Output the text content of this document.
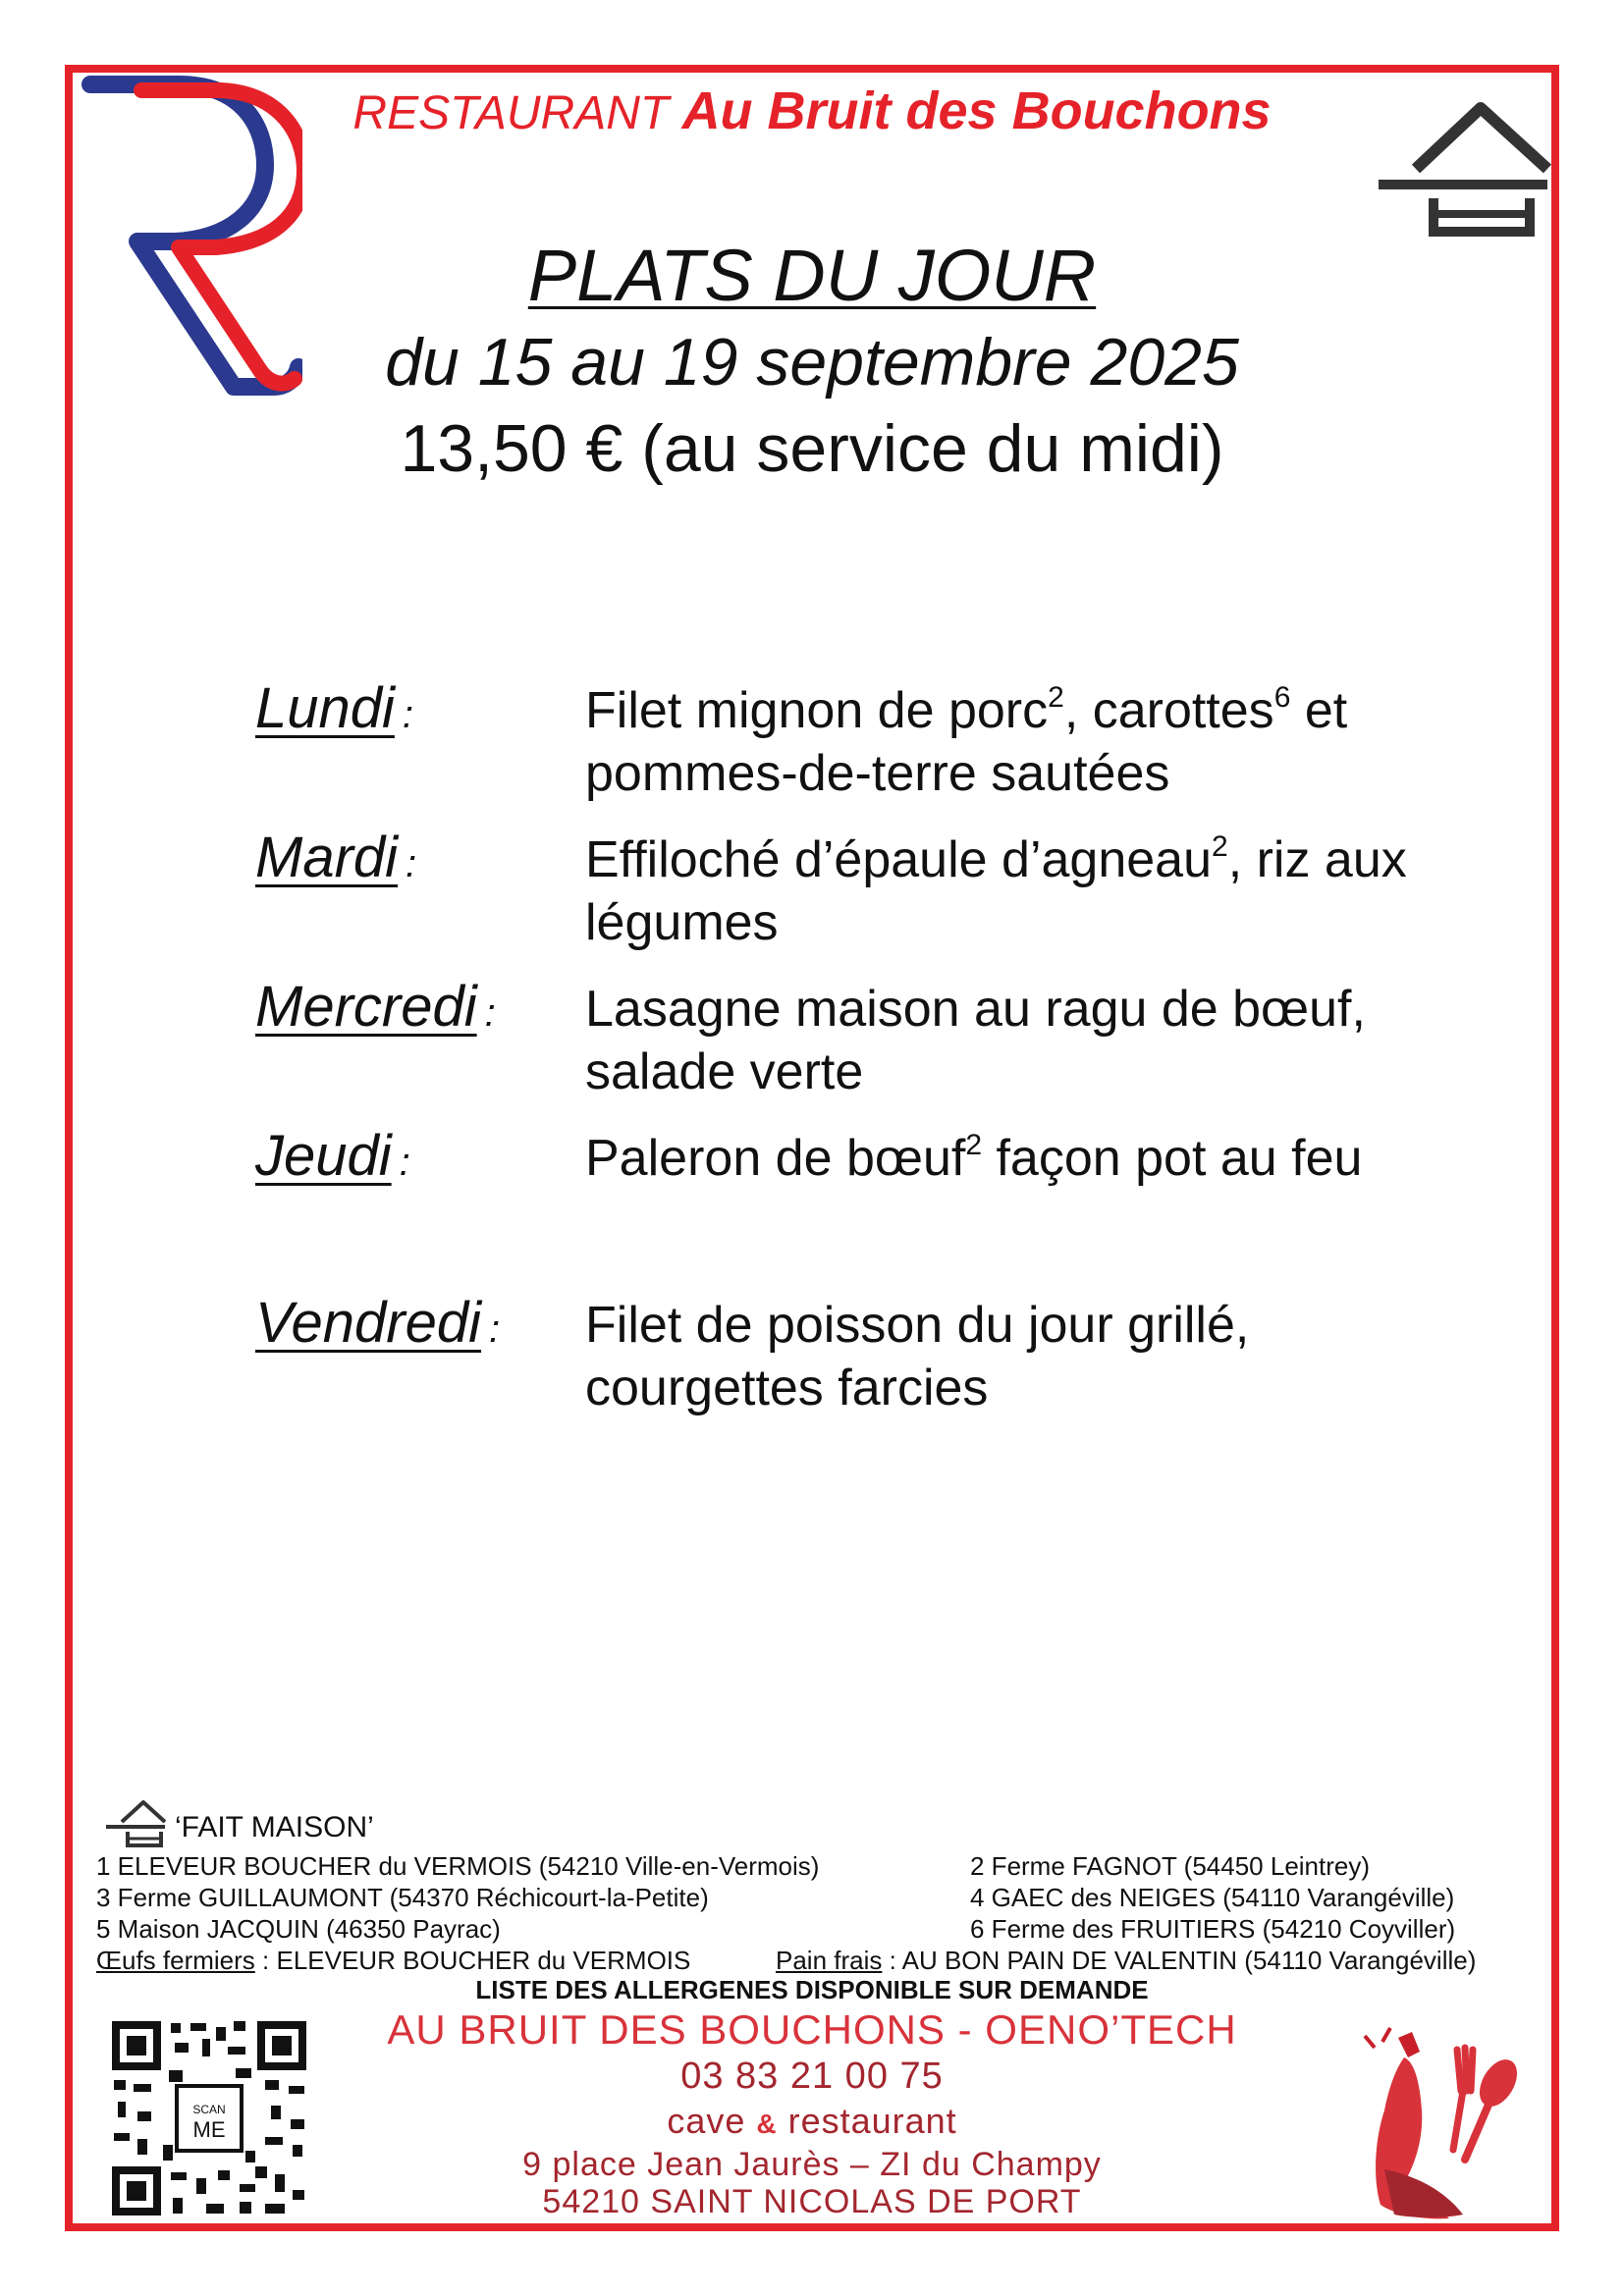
RESTAURANT Au Bruit des Bouchons
PLATS DU JOUR
du 15 au 19 septembre 2025
13,50 € (au service du midi)
Lundi :	Filet mignon de porc$^2$, carottes$^6$ et
pommes-de-terre sautées
Mardi :	Effiloché d’épaule d’agneau$^2$, riz aux
légumes
Mercredi : Lasagne maison au ragu de bœuf,
salade verte
Jeudi :	Paleron de bœuf$^2$ façon pot au feu
Vendredi : Filet de poisson du jour grillé,
courgettes farcies
‘FAIT MAISON’
1 ELEVEUR BOUCHER du VERMOIS (54210 Ville-en-Vermois)
3 Ferme GUILLAUMONT (54370 Réchicourt-la-Petite)
5 Maison JACQUIN (46350 Payrac)
2 Ferme FAGNOT (54450 Leintrey)
4 GAEC des NEIGES (54110 Varangéville)
6 Ferme des FRUITIERS (54210 Coyviller)
Œufs fermiers : ELEVEUR BOUCHER du VERMOIS	Pain frais : AU BON PAIN DE VALENTIN (54110 Varangéville)
LISTE DES ALLERGENES DISPONIBLE SUR DEMANDE
SCAN
ME
AU BRUIT DES BOUCHONS - OENO’TECH
03 83 21 00 75
cave & restaurant
9 place Jean Jaurès – ZI du Champy
54210 SAINT NICOLAS DE PORT
